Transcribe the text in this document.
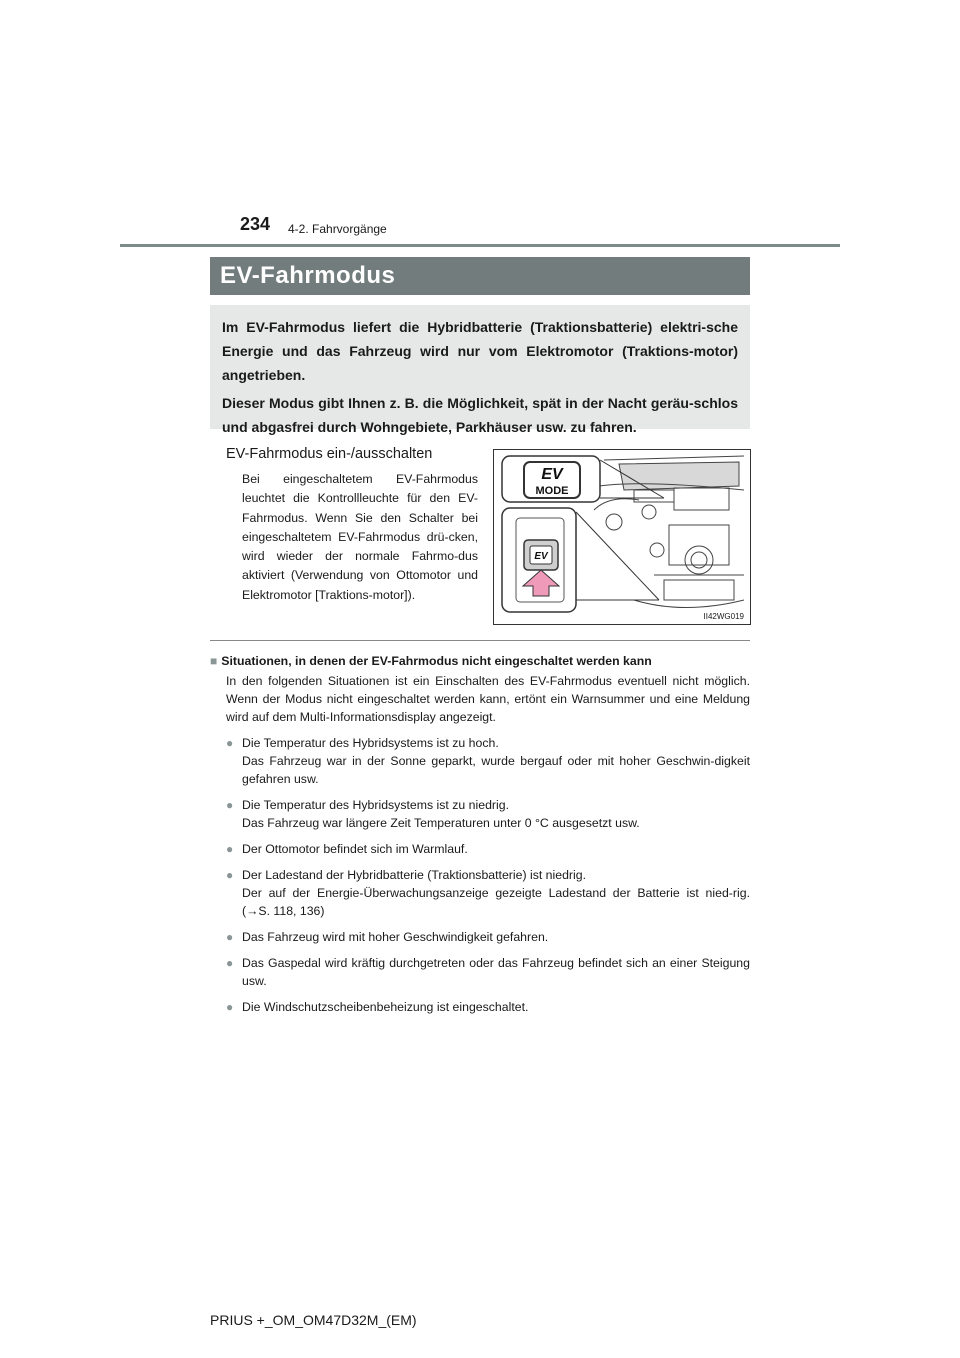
234 4-2. Fahrvorgänge
EV-Fahrmodus

Im EV-Fahrmodus liefert die Hybridbatterie (Traktionsbatterie) elektri-sche Energie und das Fahrzeug wird nur vom Elektromotor (Traktions-motor) angetrieben.

Dieser Modus gibt Ihnen z. B. die Möglichkeit, spät in der Nacht geräu-schlos und abgasfrei durch Wohngebiete, Parkhäuser usw. zu fahren.

EV-Fahrmodus ein-/ausschalten

Bei eingeschaltetem EV-Fahrmodus leuchtet die Kontrollleuchte für den EV-Fahrmodus. Wenn Sie den Schalter bei eingeschaltetem EV-Fahrmodus drü-cken, wird wieder der normale Fahrmo-dus aktiviert (Verwendung von Ottomotor und Elektromotor [Traktions-motor]).

EV
MODE
EV
II42WG019
■ Situationen, in denen der EV-Fahrmodus nicht eingeschaltet werden kann
In den folgenden Situationen ist ein Einschalten des EV-Fahrmodus eventuell nicht möglich. Wenn der Modus nicht eingeschaltet werden kann, ertönt ein Warnsummer und eine Meldung wird auf dem Multi-Informationsdisplay angezeigt.
● Die Temperatur des Hybridsystems ist zu hoch.
Das Fahrzeug war in der Sonne geparkt, wurde bergauf oder mit hoher Geschwin-digkeit gefahren usw.
● Die Temperatur des Hybridsystems ist zu niedrig.
Das Fahrzeug war längere Zeit Temperaturen unter 0 °C ausgesetzt usw.
● Der Ottomotor befindet sich im Warmlauf.
● Der Ladestand der Hybridbatterie (Traktionsbatterie) ist niedrig.
Der auf der Energie-Überwachungsanzeige gezeigte Ladestand der Batterie ist nied-rig. (→S. 118, 136)
● Das Fahrzeug wird mit hoher Geschwindigkeit gefahren.
● Das Gaspedal wird kräftig durchgetreten oder das Fahrzeug befindet sich an einer Steigung usw.
● Die Windschutzscheibenbeheizung ist eingeschaltet.
PRIUS +_OM_OM47D32M_(EM)
